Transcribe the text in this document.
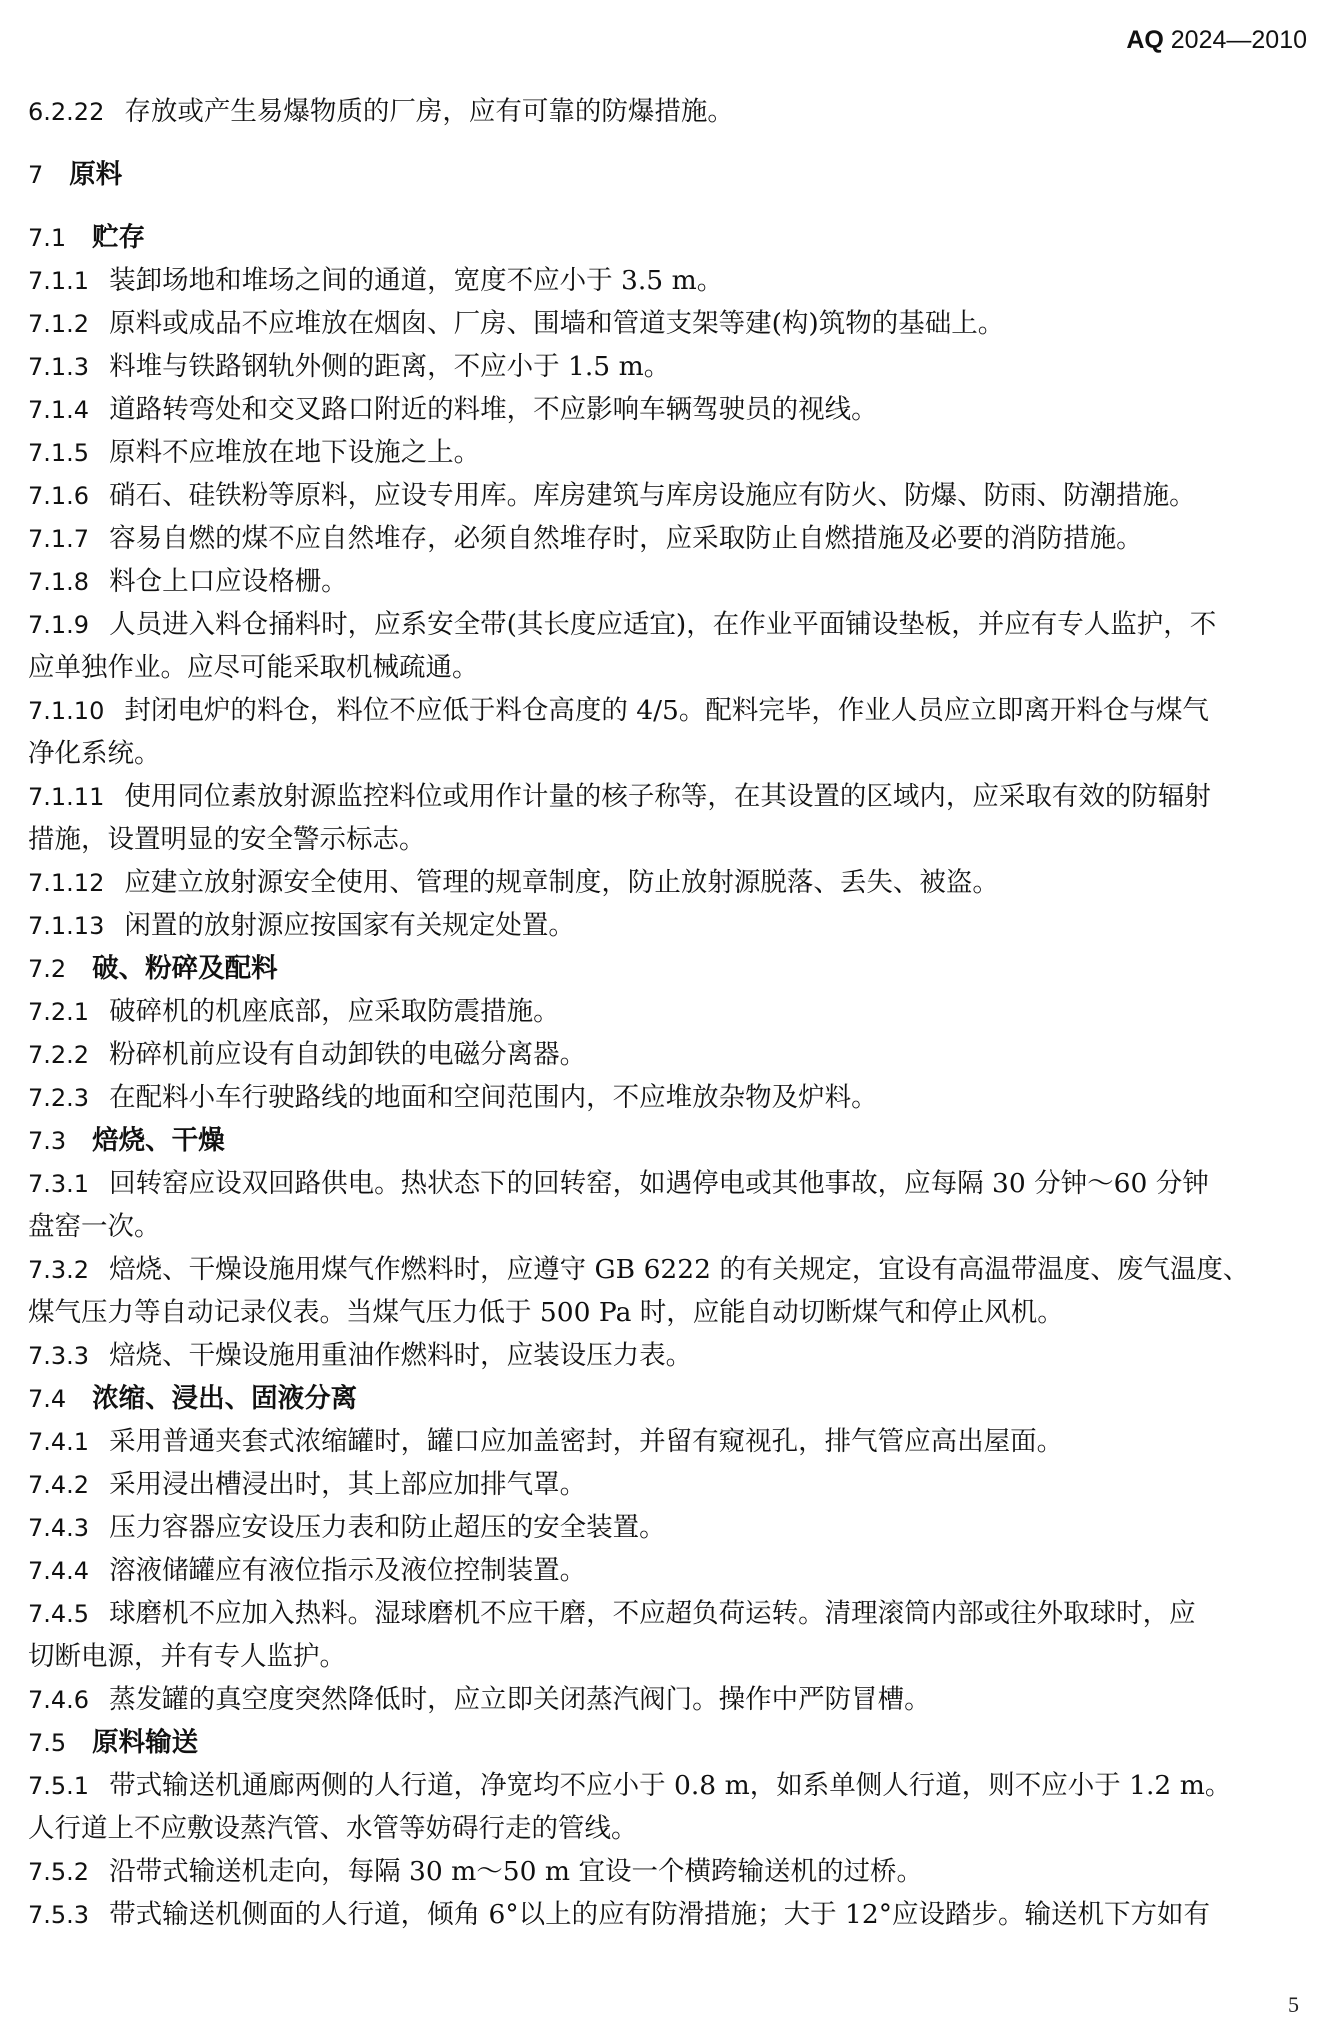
AQ 2024—2010
6.2.22 存放或产生易爆物质的厂房，应有可靠的防爆措施。
7 原料
7.1 贮存
7.1.1 装卸场地和堆场之间的通道，宽度不应小于 3.5 m。
7.1.2 原料或成品不应堆放在烟囱、厂房、围墙和管道支架等建(构)筑物的基础上。
7.1.3 料堆与铁路钢轨外侧的距离，不应小于 1.5 m。
7.1.4 道路转弯处和交叉路口附近的料堆，不应影响车辆驾驶员的视线。
7.1.5 原料不应堆放在地下设施之上。
7.1.6 硝石、硅铁粉等原料，应设专用库。库房建筑与库房设施应有防火、防爆、防雨、防潮措施。
7.1.7 容易自燃的煤不应自然堆存，必须自然堆存时，应采取防止自燃措施及必要的消防措施。
7.1.8 料仓上口应设格栅。
7.1.9 人员进入料仓捅料时，应系安全带(其长度应适宜)，在作业平面铺设垫板，并应有专人监护，不
应单独作业。应尽可能采取机械疏通。
7.1.10 封闭电炉的料仓，料位不应低于料仓高度的 4/5。配料完毕，作业人员应立即离开料仓与煤气
净化系统。
7.1.11 使用同位素放射源监控料位或用作计量的核子称等，在其设置的区域内，应采取有效的防辐射
措施，设置明显的安全警示标志。
7.1.12 应建立放射源安全使用、管理的规章制度，防止放射源脱落、丢失、被盗。
7.1.13 闲置的放射源应按国家有关规定处置。
7.2 破、粉碎及配料
7.2.1 破碎机的机座底部，应采取防震措施。
7.2.2 粉碎机前应设有自动卸铁的电磁分离器。
7.2.3 在配料小车行驶路线的地面和空间范围内，不应堆放杂物及炉料。
7.3 焙烧、干燥
7.3.1 回转窑应设双回路供电。热状态下的回转窑，如遇停电或其他事故，应每隔 30 分钟～60 分钟
盘窑一次。
7.3.2 焙烧、干燥设施用煤气作燃料时，应遵守 GB 6222 的有关规定，宜设有高温带温度、废气温度、
煤气压力等自动记录仪表。当煤气压力低于 500 Pa 时，应能自动切断煤气和停止风机。
7.3.3 焙烧、干燥设施用重油作燃料时，应装设压力表。
7.4 浓缩、浸出、固液分离
7.4.1 采用普通夹套式浓缩罐时，罐口应加盖密封，并留有窥视孔，排气管应高出屋面。
7.4.2 采用浸出槽浸出时，其上部应加排气罩。
7.4.3 压力容器应安设压力表和防止超压的安全装置。
7.4.4 溶液储罐应有液位指示及液位控制装置。
7.4.5 球磨机不应加入热料。湿球磨机不应干磨，不应超负荷运转。清理滚筒内部或往外取球时，应
切断电源，并有专人监护。
7.4.6 蒸发罐的真空度突然降低时，应立即关闭蒸汽阀门。操作中严防冒槽。
7.5 原料输送
7.5.1 带式输送机通廊两侧的人行道，净宽均不应小于 0.8 m，如系单侧人行道，则不应小于 1.2 m。
人行道上不应敷设蒸汽管、水管等妨碍行走的管线。
7.5.2 沿带式输送机走向，每隔 30 m～50 m 宜设一个横跨输送机的过桥。
7.5.3 带式输送机侧面的人行道，倾角 6°以上的应有防滑措施；大于 12°应设踏步。输送机下方如有
5
